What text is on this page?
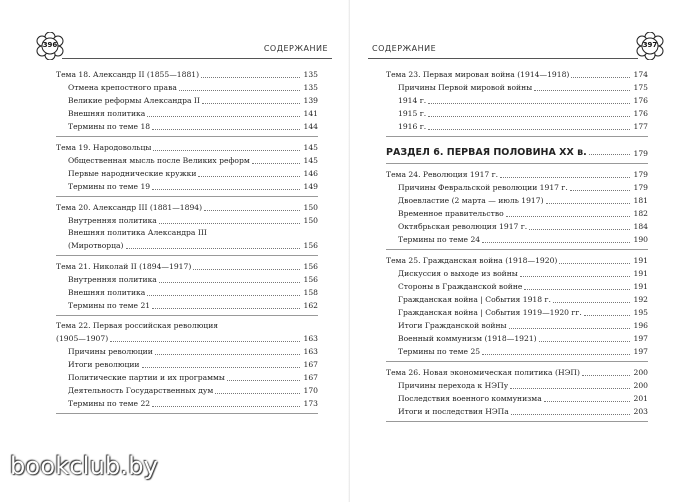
396	СОДЕРЖАНИЕ
Тема 18. Александр II (1855—1881)	135
Отмена крепостного права	135
Великие реформы Александра II	139
Внешняя политика	141
Термины по теме 18	144
Тема 19. Народовольцы	145
Общественная мысль после Великих реформ	145
Первые народнические кружки	146
Термины по теме 19	149
Тема 20. Александр III (1881—1894)	150
Внутренняя политика	150
Внешняя политика Александра III
(Миротворца)	156
Тема 21. Николай II (1894—1917)	156
Внутренняя политика	156
Внешняя политика	158
Термины по теме 21	162
Тема 22. Первая российская революция
(1905—1907)	163
Причины революции	163
Итоги революции	167
Политические партии и их программы	167
Деятельность Государственных дум	170
Термины по теме 22	173
397
СОДЕРЖАНИЕ
Тема 23. Первая мировая война (1914—1918)	174
Причины Первой мировой войны	175
1914 г.	176
1915 г.	176
1916 г.	177
РАЗДЕЛ 6. ПЕРВАЯ ПОЛОВИНА XX в.	179
Тема 24. Революция 1917 г.	179
Причины Февральской революции 1917 г.	179
Двоевластие (2 марта — июль 1917)	181
Временное правительство	182
Октябрьская революция 1917 г.	184
Термины по теме 24	190
Тема 25. Гражданская война (1918—1920)	191
Дискуссия о выходе из войны	191
Стороны в Гражданской войне	191
Гражданская война | События 1918 г.	192
Гражданская война | События 1919—1920 гг.	195
Итоги Гражданской войны	196
Военный коммунизм (1918—1921)	197
Термины по теме 25	197
Тема 26. Новая экономическая политика (НЭП)	200
Причины перехода к НЭПу	200
Последствия военного коммунизма	201
Итоги и последствия НЭПа	203
bookclub.by
